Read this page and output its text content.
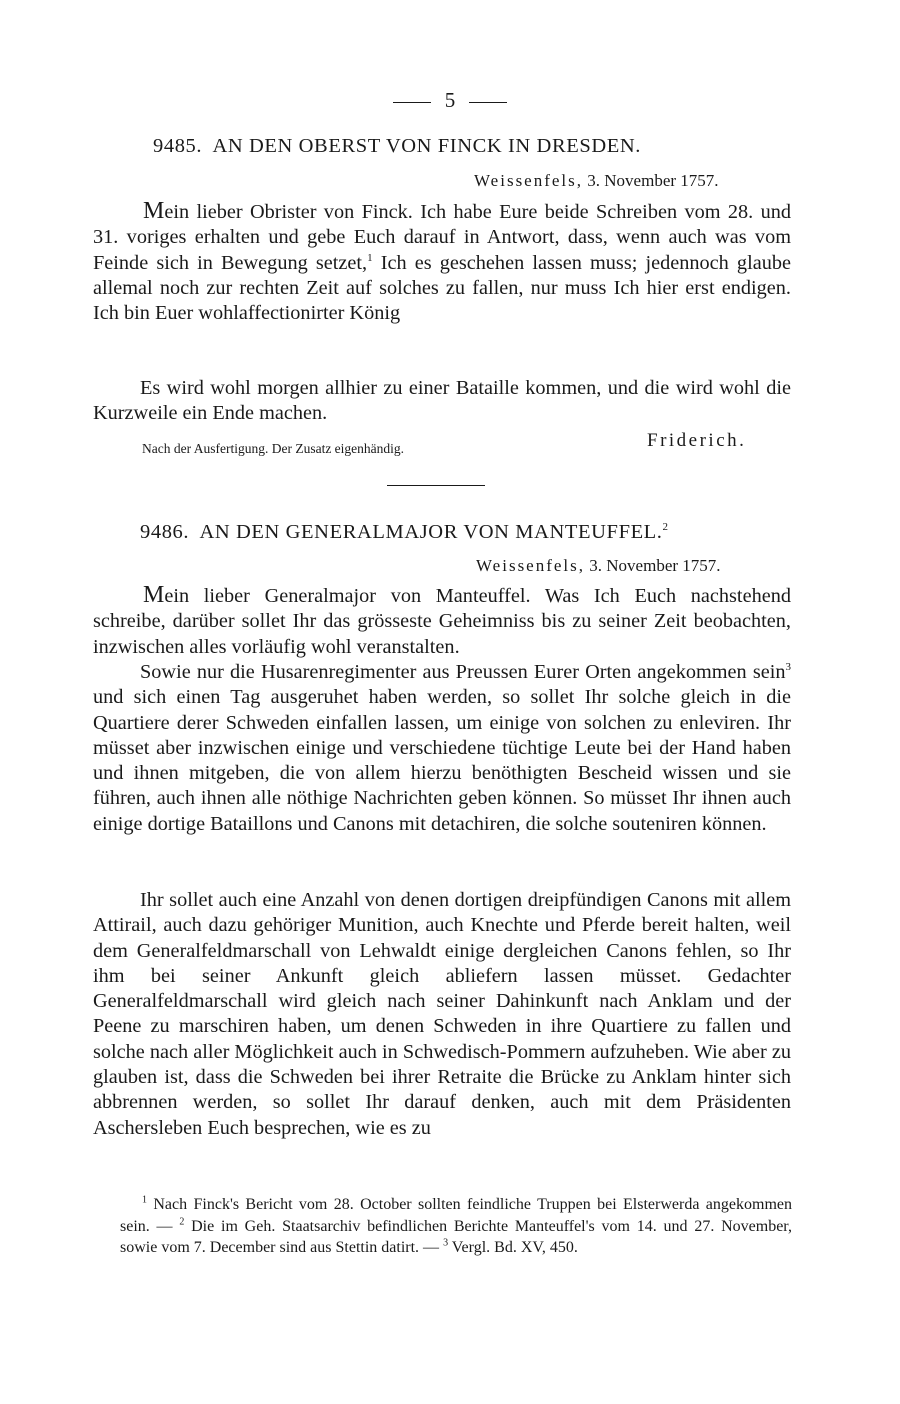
5
9485. AN DEN OBERST VON FINCK IN DRESDEN.
Weissenfels, 3. November 1757.

Mein lieber Obrister von Finck. Ich habe Eure beide Schreiben vom 28. und 31. voriges erhalten und gebe Euch darauf in Antwort, dass, wenn auch was vom Feinde sich in Bewegung setzet,$^1$ Ich es geschehen lassen muss; jedennoch glaube allemal noch zur rechten Zeit auf solches zu fallen, nur muss Ich hier erst endigen. Ich bin Euer wohlaffectionirter König

Es wird wohl morgen allhier zu einer Bataille kommen, und die wird wohl die Kurzweile ein Ende machen.

Nach der Ausfertigung. Der Zusatz eigenhändig.	Friderich.
9486. AN DEN GENERALMAJOR VON MANTEUFFEL.$^2$
Weissenfels, 3. November 1757.

Mein lieber Generalmajor von Manteuffel. Was Ich Euch nachstehend schreibe, darüber sollet Ihr das grösseste Geheimniss bis zu seiner Zeit beobachten, inzwischen alles vorläufig wohl veranstalten.

Sowie nur die Husarenregimenter aus Preussen Eurer Orten angekommen sein$^3$ und sich einen Tag ausgeruhet haben werden, so sollet Ihr solche gleich in die Quartiere derer Schweden einfallen lassen, um einige von solchen zu enleviren. Ihr müsset aber inzwischen einige und verschiedene tüchtige Leute bei der Hand haben und ihnen mitgeben, die von allem hierzu benöthigten Bescheid wissen und sie führen, auch ihnen alle nöthige Nachrichten geben können. So müsset Ihr ihnen auch einige dortige Bataillons und Canons mit detachiren, die solche souteniren können.

Ihr sollet auch eine Anzahl von denen dortigen dreipfündigen Canons mit allem Attirail, auch dazu gehöriger Munition, auch Knechte und Pferde bereit halten, weil dem Generalfeldmarschall von Lehwaldt einige dergleichen Canons fehlen, so Ihr ihm bei seiner Ankunft gleich abliefern lassen müsset. Gedachter Generalfeldmarschall wird gleich nach seiner Dahinkunft nach Anklam und der Peene zu marschiren haben, um denen Schweden in ihre Quartiere zu fallen und solche nach aller Möglichkeit auch in Schwedisch-Pommern aufzuheben. Wie aber zu glauben ist, dass die Schweden bei ihrer Retraite die Brücke zu Anklam hinter sich abbrennen werden, so sollet Ihr darauf denken, auch mit dem Präsidenten Aschersleben Euch besprechen, wie es zu

$^1$ Nach Finck's Bericht vom 28. October sollten feindliche Truppen bei Elsterwerda angekommen sein. — $^2$ Die im Geh. Staatsarchiv befindlichen Berichte Manteuffel's vom 14. und 27. November, sowie vom 7. December sind aus Stettin datirt. — $^3$ Vergl. Bd. XV, 450.
